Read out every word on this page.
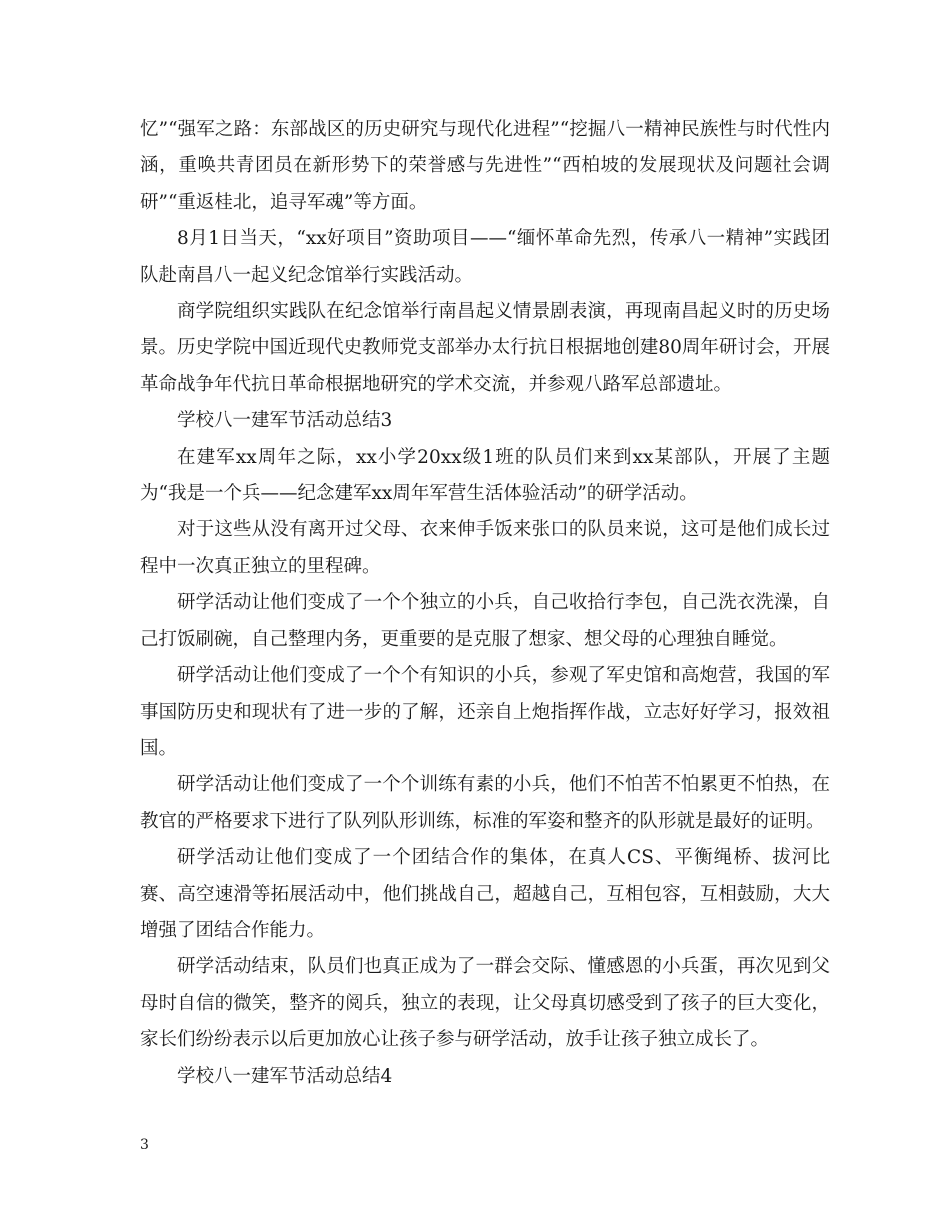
忆”“强军之路：东部战区的历史研究与现代化进程”“挖掘八一精神民族性与时代性内涵，重唤共青团员在新形势下的荣誉感与先进性”“西柏坡的发展现状及问题社会调研”“重返桂北，追寻军魂”等方面。

8月1日当天，“xx好项目”资助项目——“缅怀革命先烈，传承八一精神”实践团队赴南昌八一起义纪念馆举行实践活动。

商学院组织实践队在纪念馆举行南昌起义情景剧表演，再现南昌起义时的历史场景。历史学院中国近现代史教师党支部举办太行抗日根据地创建80周年研讨会，开展革命战争年代抗日革命根据地研究的学术交流，并参观八路军总部遗址。

学校八一建军节活动总结3

在建军xx周年之际，xx小学20xx级1班的队员们来到xx某部队，开展了主题为“我是一个兵——纪念建军xx周年军营生活体验活动”的研学活动。

对于这些从没有离开过父母、衣来伸手饭来张口的队员来说，这可是他们成长过程中一次真正独立的里程碑。

研学活动让他们变成了一个个独立的小兵，自己收拾行李包，自己洗衣洗澡，自己打饭刷碗，自己整理内务，更重要的是克服了想家、想父母的心理独自睡觉。

研学活动让他们变成了一个个有知识的小兵，参观了军史馆和高炮营，我国的军事国防历史和现状有了进一步的了解，还亲自上炮指挥作战，立志好好学习，报效祖国。

研学活动让他们变成了一个个训练有素的小兵，他们不怕苦不怕累更不怕热，在教官的严格要求下进行了队列队形训练，标准的军姿和整齐的队形就是最好的证明。

研学活动让他们变成了一个团结合作的集体，在真人CS、平衡绳桥、拔河比赛、高空速滑等拓展活动中，他们挑战自己，超越自己，互相包容，互相鼓励，大大增强了团结合作能力。

研学活动结束，队员们也真正成为了一群会交际、懂感恩的小兵蛋，再次见到父母时自信的微笑，整齐的阅兵，独立的表现，让父母真切感受到了孩子的巨大变化，家长们纷纷表示以后更加放心让孩子参与研学活动，放手让孩子独立成长了。

学校八一建军节活动总结4

3
